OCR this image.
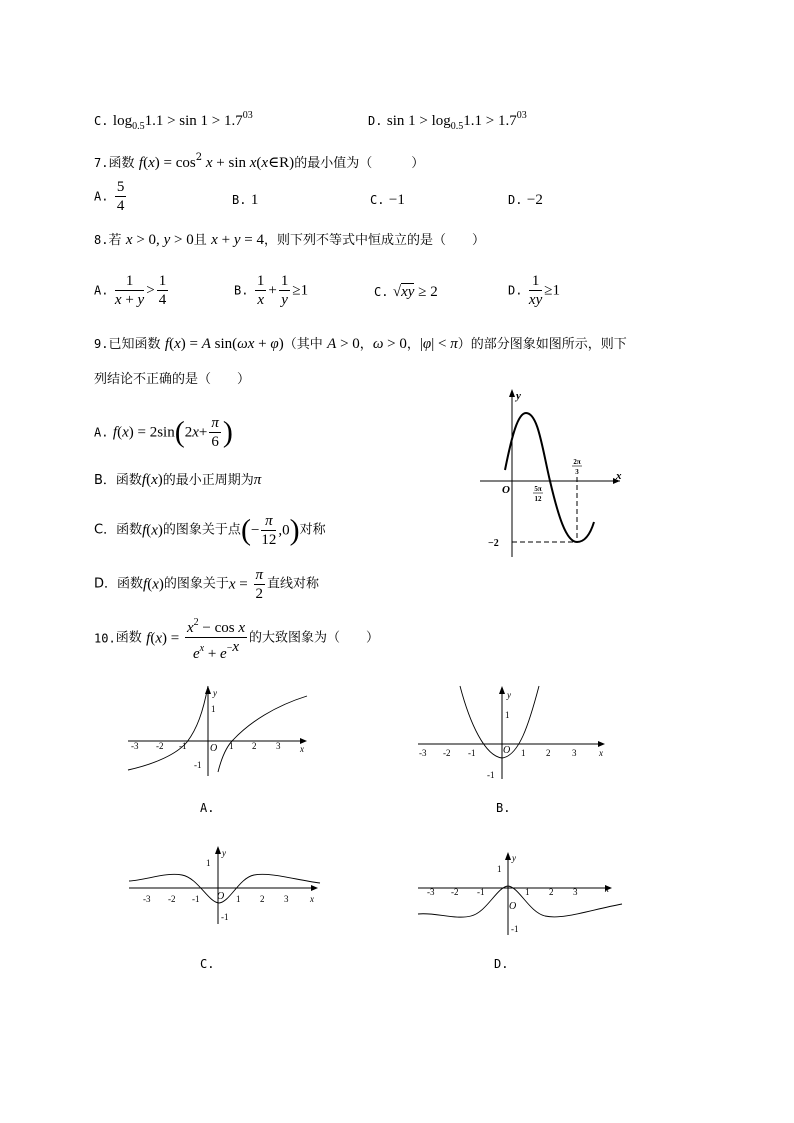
C. $\log_{0.5}1.1 > \sin 1 > 1.7^{03}$	D. $\sin 1 > \log_{0.5}1.1 > 1.7^{03}$
7.函数 $f(x) = \cos^2 x + \sin$ x(x∈R)的最小值为（　　　）
A. $\frac{5}{4}$	B. 1	C. −1	D. −2
8.若 x > 0, y > 0且 x + y = 4，则下列不等式中恒成立的是（　　）
A. $\frac{1}{x + y} > \frac{1}{4}$	B. $\frac{1}{x} + \frac{1}{y} \ge 1$	C. √xy ≥ 2	D. $\frac{1}{xy} \ge 1$
9.已知函数 f(x) = A sin(ωx + φ)（其中 A > 0，ω > 0，|φ| < π）的部分图象如图所示，则下
列结论不正确的是（　　）
A. $f(x) = 2\sin(2x+ \frac{\pi}{6}$ )
B．函数f(x)的最小正周期为π
C．函数f(x)的图象关于点(− $\frac{\pi}{12} ,0$)对称
D．函数f(x)的图象关于$x = \frac{\pi}{2}$ 直线对称
y
x
O	5π
12
2π
3
−2
10.函数 $f(x) = \frac{x^2 - \cos x}{e^x + e^{-x}}$ 的大致图象为（　　）
y
x
O
1
-1
-3 -2 -1	1 2 3
A.
y
x
O
1
-1
-3 -2 -1	1 2 3
B.
y
x
O
1
-1
-3 -2 -1	1 2 3
C.
y
x
O
1
-1
-3 -2 -1	1 2 3
D.
